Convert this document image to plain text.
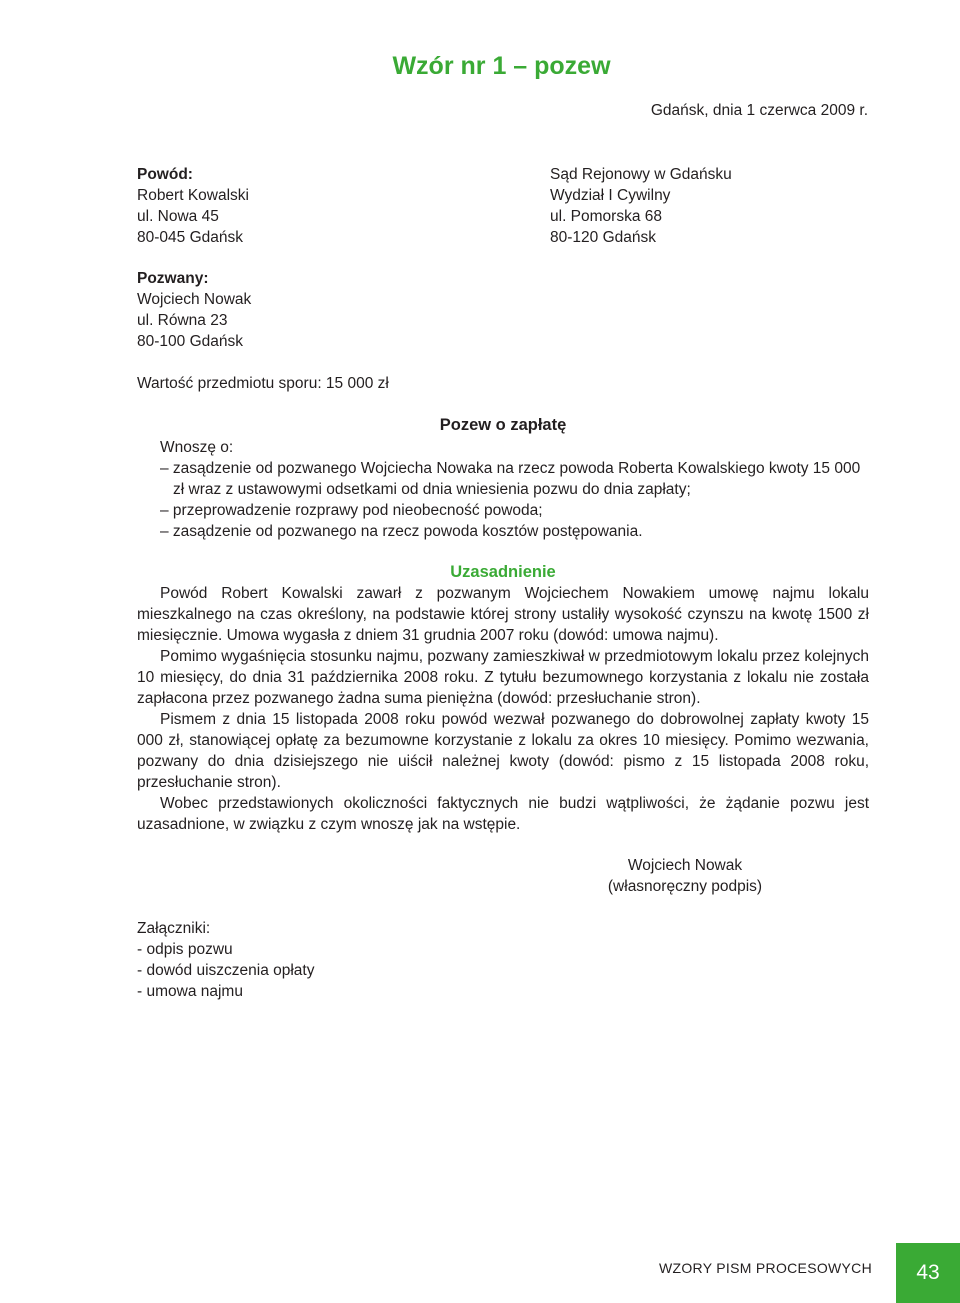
Wzór nr 1 – pozew
Gdańsk, dnia 1 czerwca 2009 r.
Powód:
Robert Kowalski
ul. Nowa 45
80-045 Gdańsk
Sąd Rejonowy w Gdańsku
Wydział I Cywilny
ul. Pomorska 68
80-120 Gdańsk
Pozwany:
Wojciech Nowak
ul. Równa 23
80-100 Gdańsk
Wartość przedmiotu sporu: 15 000 zł
Pozew o zapłatę
Wnoszę o:
– zasądzenie od pozwanego Wojciecha Nowaka na rzecz powoda Roberta Kowalskiego kwoty 15 000 zł wraz z ustawowymi odsetkami od dnia wniesienia pozwu do dnia zapłaty;
– przeprowadzenie rozprawy pod nieobecność powoda;
– zasądzenie od pozwanego na rzecz powoda kosztów postępowania.
Uzasadnienie

Powód Robert Kowalski zawarł z pozwanym Wojciechem Nowakiem umowę najmu lokalu mieszkalnego na czas określony, na podstawie której strony ustaliły wysokość czynszu na kwotę 1500 zł miesięcznie. Umowa wygasła z dniem 31 grudnia 2007 roku (dowód: umowa najmu).

Pomimo wygaśnięcia stosunku najmu, pozwany zamieszkiwał w przedmiotowym lokalu przez kolejnych 10 miesięcy, do dnia 31 października 2008 roku. Z tytułu bezumownego korzystania z lokalu nie została zapłacona przez pozwanego żadna suma pieniężna (dowód: przesłuchanie stron).

Pismem z dnia 15 listopada 2008 roku powód wezwał pozwanego do dobrowolnej zapłaty kwoty 15 000 zł, stanowiącej opłatę za bezumowne korzystanie z lokalu za okres 10 miesięcy. Pomimo wezwania, pozwany do dnia dzisiejszego nie uiścił należnej kwoty (dowód: pismo z 15 listopada 2008 roku, przesłuchanie stron).

Wobec przedstawionych okoliczności faktycznych nie budzi wątpliwości, że żądanie pozwu jest uzasadnione, w związku z czym wnoszę jak na wstępie.

Wojciech Nowak
(własnoręczny podpis)
Załączniki:
- odpis pozwu
- dowód uiszczenia opłaty
- umowa najmu
WZORY PISM PROCESOWYCH	43
